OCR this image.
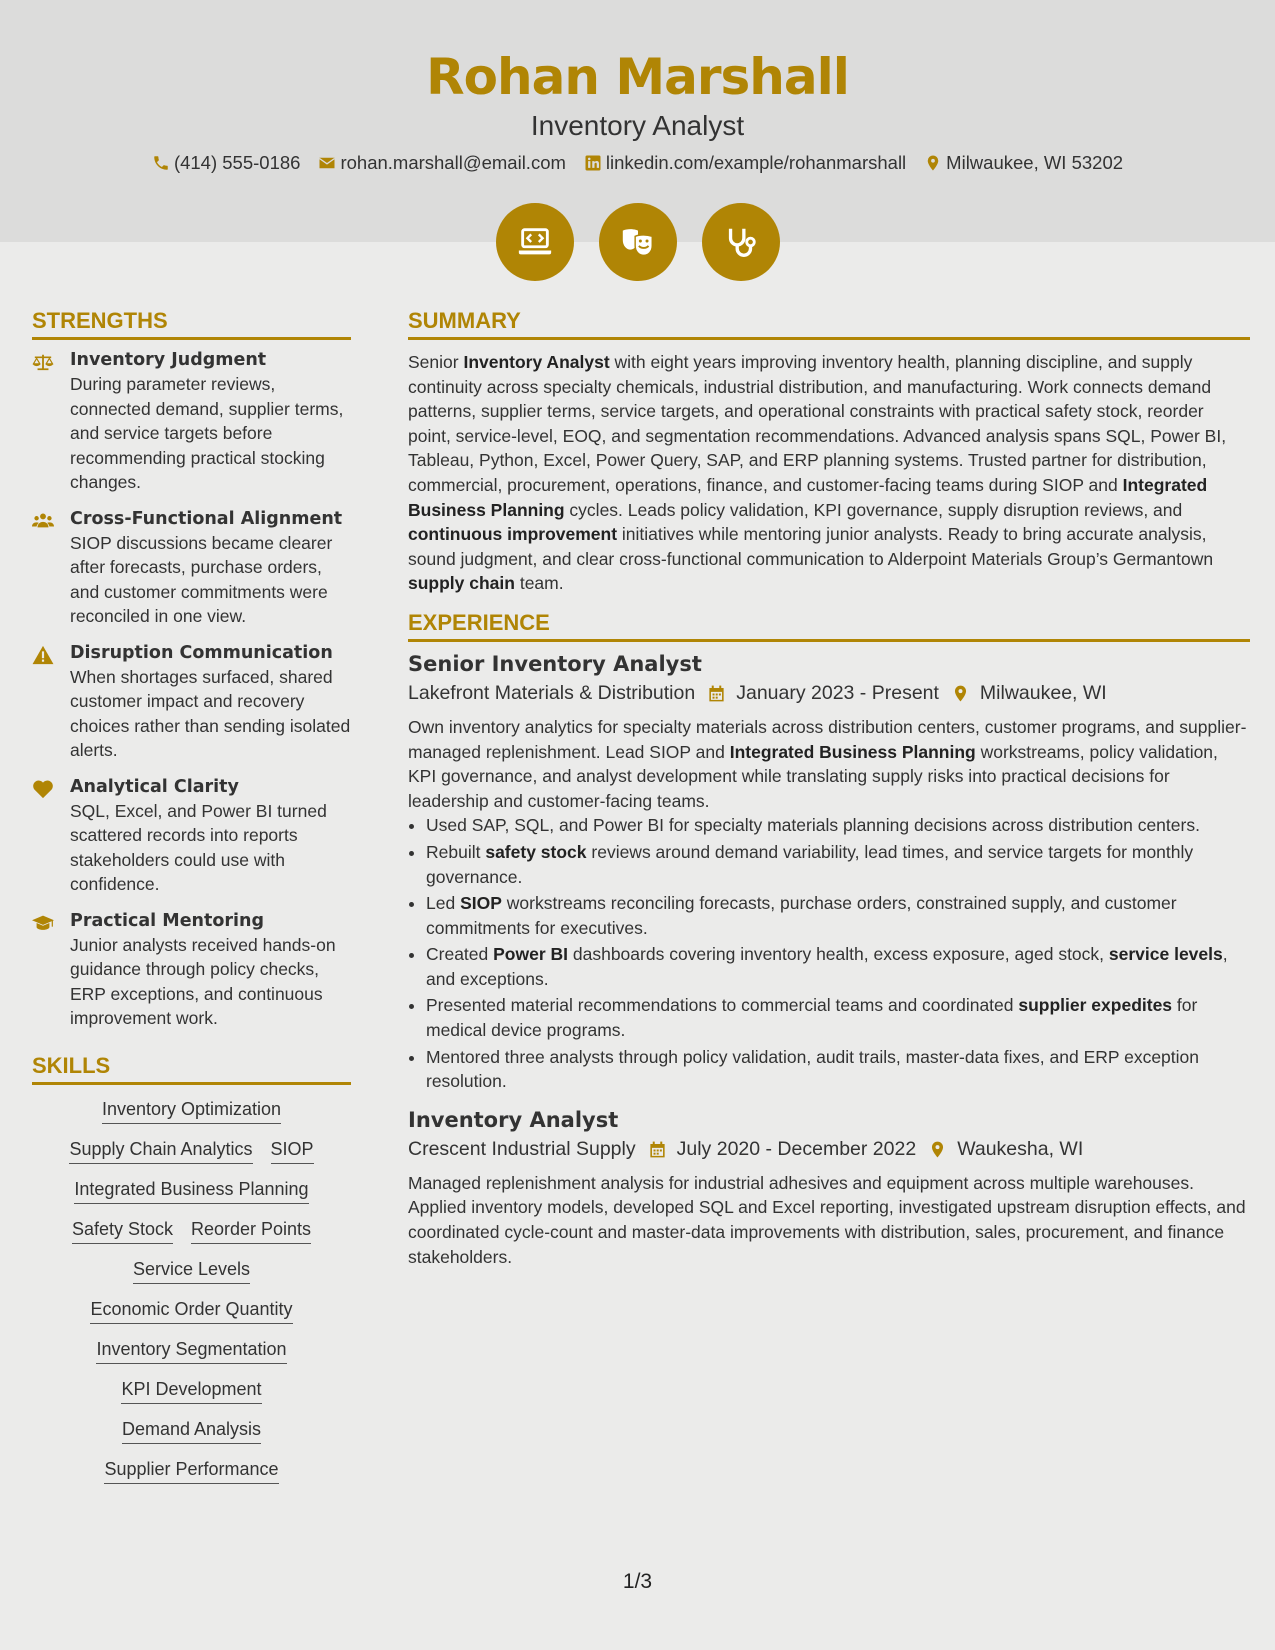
Rohan Marshall
Inventory Analyst
(414) 555-0186 rohan.marshall@email.com linkedin.com/example/rohanmarshall Milwaukee, WI 53202
STRENGTHS
Inventory Judgment

During parameter reviews, connected demand, supplier terms, and service targets before recommending practical stocking changes.

Cross-Functional Alignment

SIOP discussions became clearer after forecasts, purchase orders, and customer commitments were reconciled in one view.

Disruption Communication

When shortages surfaced, shared customer impact and recovery choices rather than sending isolated alerts.

Analytical Clarity

SQL, Excel, and Power BI turned scattered records into reports stakeholders could use with confidence.

Practical Mentoring

Junior analysts received hands-on guidance through policy checks, ERP exceptions, and continuous improvement work.

SKILLS
Inventory Optimization
Supply Chain Analytics SIOP
Integrated Business Planning
Safety Stock Reorder Points
Service Levels
Economic Order Quantity
Inventory Segmentation
KPI Development
Demand Analysis
Supplier Performance
SUMMARY

Senior Inventory Analyst with eight years improving inventory health, planning discipline, and supply continuity across specialty chemicals, industrial distribution, and manufacturing. Work connects demand patterns, supplier terms, service targets, and operational constraints with practical safety stock, reorder point, service-level, EOQ, and segmentation recommendations. Advanced analysis spans SQL, Power BI, Tableau, Python, Excel, Power Query, SAP, and ERP planning systems. Trusted partner for distribution, commercial, procurement, operations, finance, and customer-facing teams during SIOP and Integrated Business Planning cycles. Leads policy validation, KPI governance, supply disruption reviews, and continuous improvement initiatives while mentoring junior analysts. Ready to bring accurate analysis, sound judgment, and clear cross-functional communication to Alderpoint Materials Group’s Germantown supply chain team.

EXPERIENCE
Senior Inventory Analyst
Lakefront Materials & Distribution January 2023 - Present Milwaukee, WI

Own inventory analytics for specialty materials across distribution centers, customer programs, and supplier-managed replenishment. Lead SIOP and Integrated Business Planning workstreams, policy validation, KPI governance, and analyst development while translating supply risks into practical decisions for leadership and customer-facing teams.

• Used SAP, SQL, and Power BI for specialty materials planning decisions across distribution centers.
• Rebuilt safety stock reviews around demand variability, lead times, and service targets for monthly governance.
• Led SIOP workstreams reconciling forecasts, purchase orders, constrained supply, and customer commitments for executives.
• Created Power BI dashboards covering inventory health, excess exposure, aged stock, service levels, and exceptions.
• Presented material recommendations to commercial teams and coordinated supplier expedites for medical device programs.
• Mentored three analysts through policy validation, audit trails, master-data fixes, and ERP exception resolution.
Inventory Analyst
Crescent Industrial Supply July 2020 - December 2022 Waukesha, WI

Managed replenishment analysis for industrial adhesives and equipment across multiple warehouses. Applied inventory models, developed SQL and Excel reporting, investigated upstream disruption effects, and coordinated cycle-count and master-data improvements with distribution, sales, procurement, and finance stakeholders.

1/3
